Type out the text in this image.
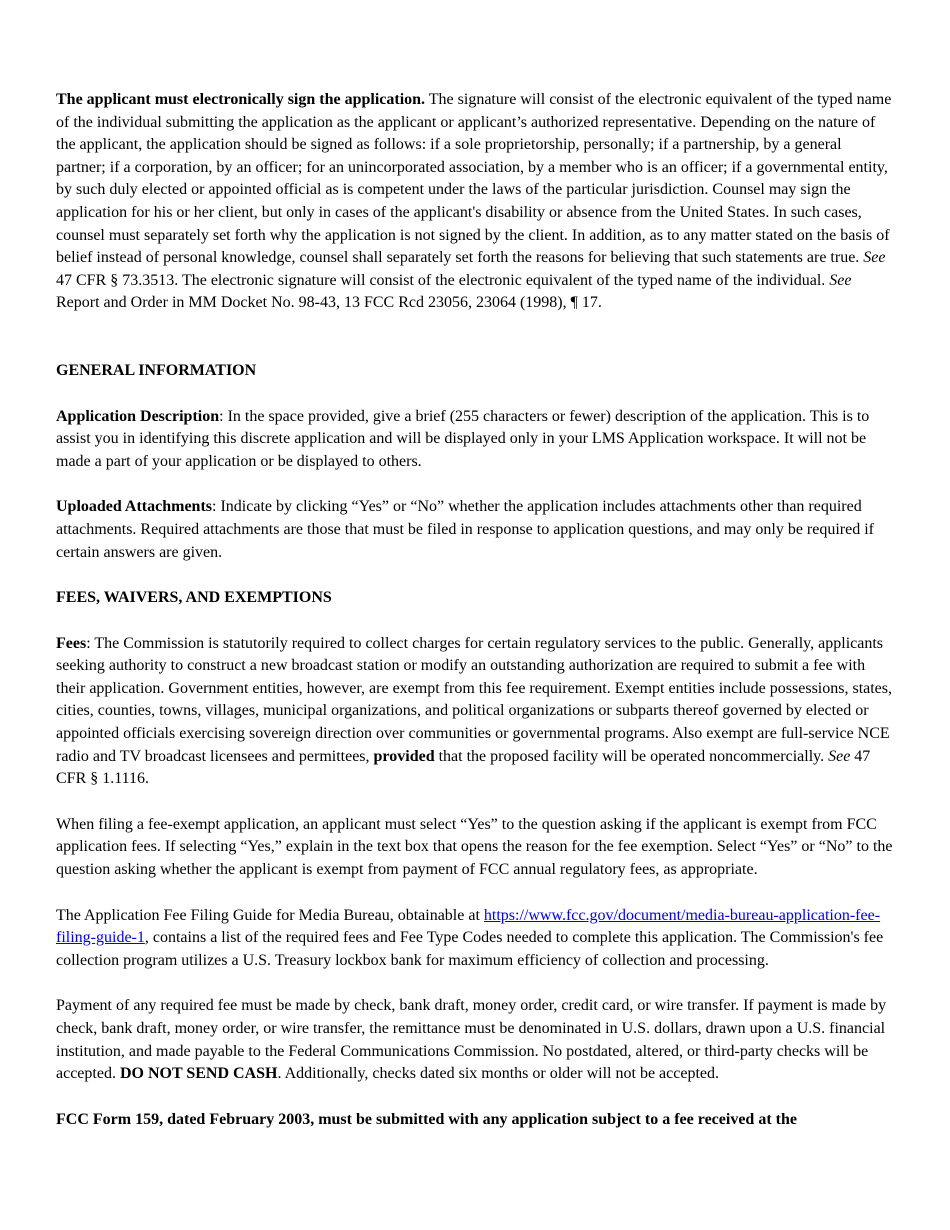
The applicant must electronically sign the application. The signature will consist of the electronic equivalent of the typed name of the individual submitting the application as the applicant or applicant’s authorized representative. Depending on the nature of the applicant, the application should be signed as follows: if a sole proprietorship, personally; if a partnership, by a general partner; if a corporation, by an officer; for an unincorporated association, by a member who is an officer; if a governmental entity, by such duly elected or appointed official as is competent under the laws of the particular jurisdiction. Counsel may sign the application for his or her client, but only in cases of the applicant's disability or absence from the United States. In such cases, counsel must separately set forth why the application is not signed by the client. In addition, as to any matter stated on the basis of belief instead of personal knowledge, counsel shall separately set forth the reasons for believing that such statements are true. See 47 CFR § 73.3513. The electronic signature will consist of the electronic equivalent of the typed name of the individual. See Report and Order in MM Docket No. 98-43, 13 FCC Rcd 23056, 23064 (1998), ¶ 17.

GENERAL INFORMATION

Application Description: In the space provided, give a brief (255 characters or fewer) description of the application. This is to assist you in identifying this discrete application and will be displayed only in your LMS Application workspace. It will not be made a part of your application or be displayed to others.

Uploaded Attachments: Indicate by clicking “Yes” or “No” whether the application includes attachments other than required attachments. Required attachments are those that must be filed in response to application questions, and may only be required if certain answers are given.

FEES, WAIVERS, AND EXEMPTIONS

Fees: The Commission is statutorily required to collect charges for certain regulatory services to the public. Generally, applicants seeking authority to construct a new broadcast station or modify an outstanding authorization are required to submit a fee with their application. Government entities, however, are exempt from this fee requirement. Exempt entities include possessions, states, cities, counties, towns, villages, municipal organizations, and political organizations or subparts thereof governed by elected or appointed officials exercising sovereign direction over communities or governmental programs. Also exempt are full-service NCE radio and TV broadcast licensees and permittees, provided that the proposed facility will be operated noncommercially. See 47 CFR § 1.1116.

When filing a fee-exempt application, an applicant must select “Yes” to the question asking if the applicant is exempt from FCC application fees. If selecting “Yes,” explain in the text box that opens the reason for the fee exemption. Select “Yes” or “No” to the question asking whether the applicant is exempt from payment of FCC annual regulatory fees, as appropriate.

The Application Fee Filing Guide for Media Bureau, obtainable at https://www.fcc.gov/document/media-bureau-application-fee-filing-guide-1, contains a list of the required fees and Fee Type Codes needed to complete this application. The Commission's fee collection program utilizes a U.S. Treasury lockbox bank for maximum efficiency of collection and processing.

Payment of any required fee must be made by check, bank draft, money order, credit card, or wire transfer. If payment is made by check, bank draft, money order, or wire transfer, the remittance must be denominated in U.S. dollars, drawn upon a U.S. financial institution, and made payable to the Federal Communications Commission. No postdated, altered, or third-party checks will be accepted. DO NOT SEND CASH. Additionally, checks dated six months or older will not be accepted.

FCC Form 159, dated February 2003, must be submitted with any application subject to a fee received at the
